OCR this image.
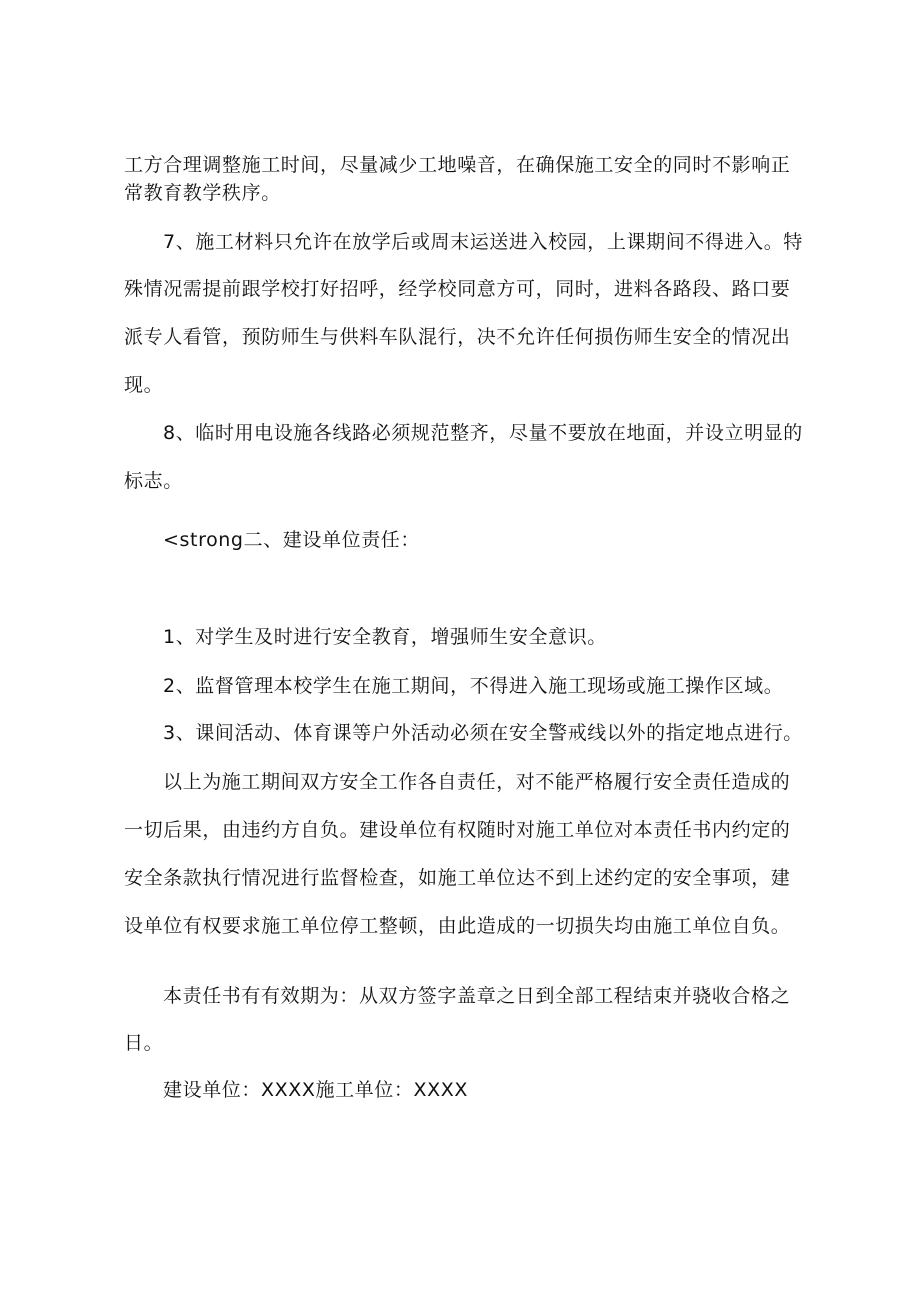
工方合理调整施工时间，尽量减少工地噪音，在确保施工安全的同时不影响正
常教育教学秩序。
7、施工材料只允许在放学后或周末运送进入校园，上课期间不得进入。特
殊情况需提前跟学校打好招呼，经学校同意方可，同时，进料各路段、路口要
派专人看管，预防师生与供料车队混行，决不允许任何损伤师生安全的情况出
现。
8、临时用电设施各线路必须规范整齐，尽量不要放在地面，并设立明显的
标志。
<strong二、建设单位责任：
1、对学生及时进行安全教育，增强师生安全意识。
2、监督管理本校学生在施工期间，不得进入施工现场或施工操作区域。
3、课间活动、体育课等户外活动必须在安全警戒线以外的指定地点进行。
以上为施工期间双方安全工作各自责任，对不能严格履行安全责任造成的
一切后果，由违约方自负。建设单位有权随时对施工单位对本责任书内约定的
安全条款执行情况进行监督检查，如施工单位达不到上述约定的安全事项，建
设单位有权要求施工单位停工整顿，由此造成的一切损失均由施工单位自负。
本责任书有有效期为：从双方签字盖章之日到全部工程结束并骁收合格之
日。
建设单位：XXXX施工单位：XXXX
